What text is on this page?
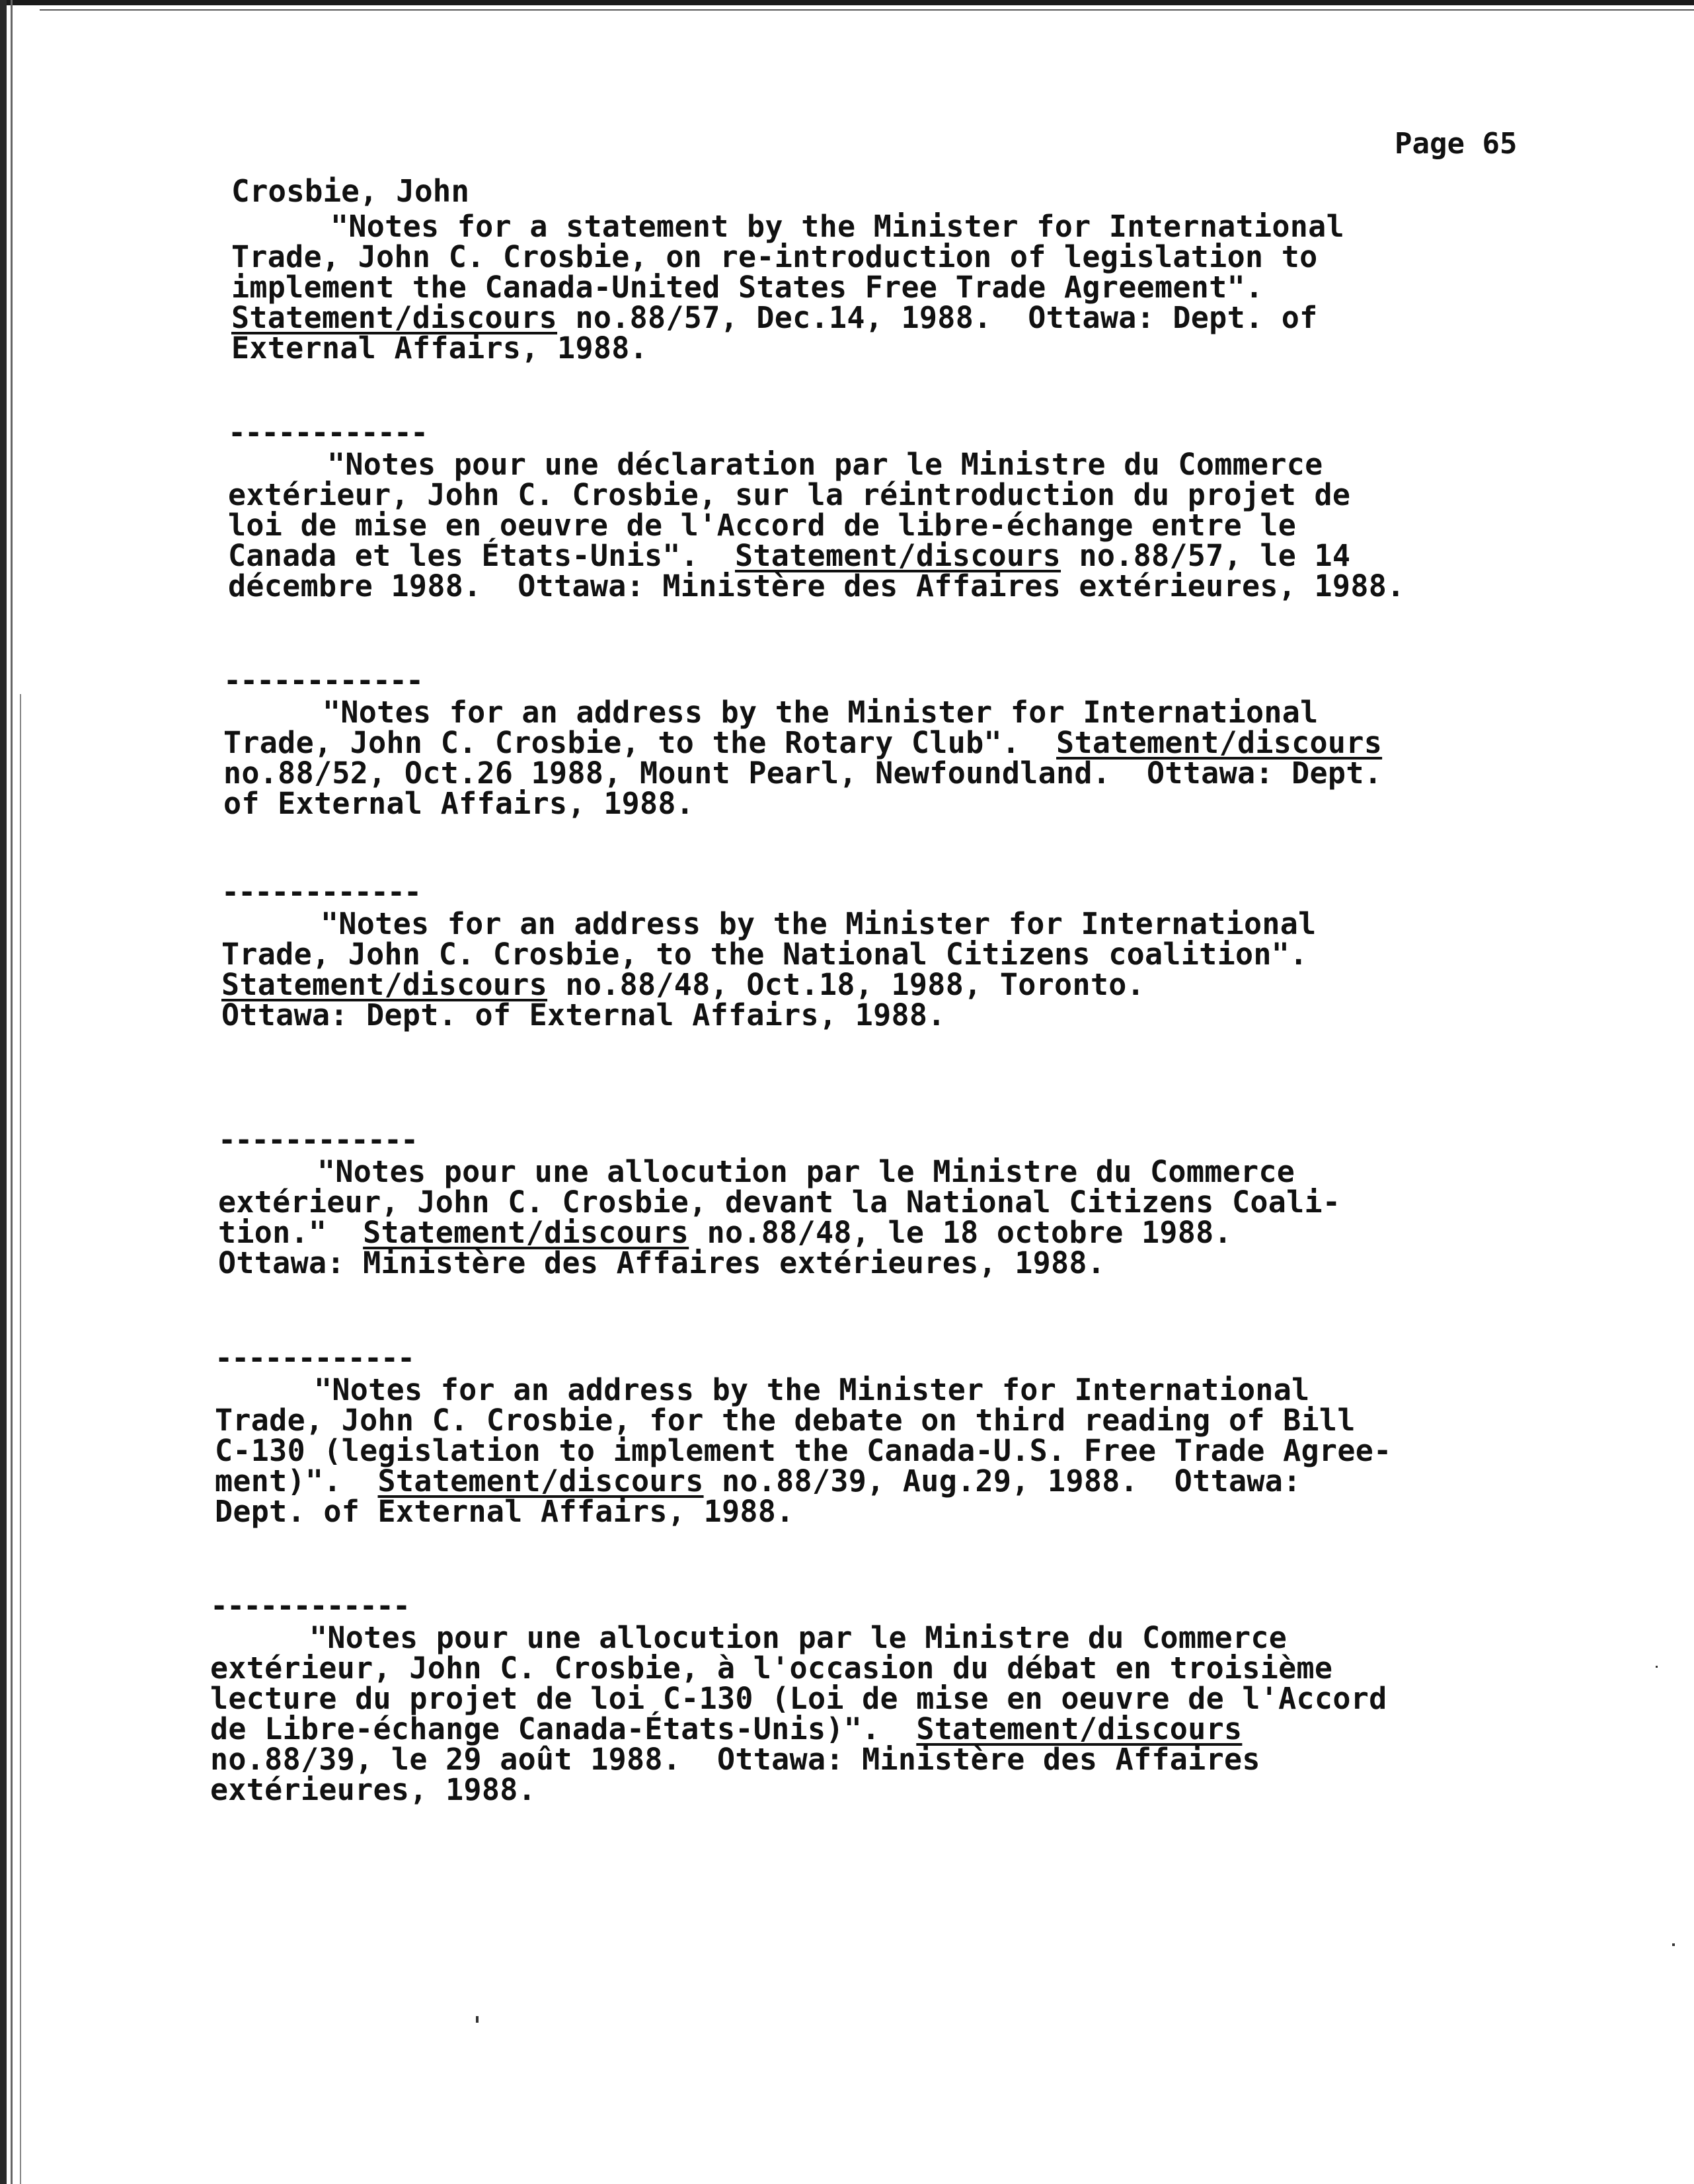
Page 65
Crosbie, John
"Notes for a statement by the Minister for International
Trade, John C. Crosbie, on re-introduction of legislation to
implement the Canada-United States Free Trade Agreement".
Statement/discours no.88/57, Dec.14, 1988.  Ottawa: Dept. of
External Affairs, 1988.
------------
"Notes pour une déclaration par le Ministre du Commerce
extérieur, John C. Crosbie, sur la réintroduction du projet de
loi de mise en oeuvre de l'Accord de libre-échange entre le
Canada et les États-Unis".  Statement/discours no.88/57, le 14
décembre 1988.  Ottawa: Ministère des Affaires extérieures, 1988.
------------
"Notes for an address by the Minister for International
Trade, John C. Crosbie, to the Rotary Club".  Statement/discours
no.88/52, Oct.26 1988, Mount Pearl, Newfoundland.  Ottawa: Dept.
of External Affairs, 1988.
------------
"Notes for an address by the Minister for International
Trade, John C. Crosbie, to the National Citizens coalition".
Statement/discours no.88/48, Oct.18, 1988, Toronto.
Ottawa: Dept. of External Affairs, 1988.
------------
"Notes pour une allocution par le Ministre du Commerce
extérieur, John C. Crosbie, devant la National Citizens Coali-
tion."  Statement/discours no.88/48, le 18 octobre 1988.
Ottawa: Ministère des Affaires extérieures, 1988.
------------
"Notes for an address by the Minister for International
Trade, John C. Crosbie, for the debate on third reading of Bill
C-130 (legislation to implement the Canada-U.S. Free Trade Agree-
ment)".  Statement/discours no.88/39, Aug.29, 1988.  Ottawa:
Dept. of External Affairs, 1988.
------------
"Notes pour une allocution par le Ministre du Commerce
extérieur, John C. Crosbie, à l'occasion du débat en troisième
lecture du projet de loi C-130 (Loi de mise en oeuvre de l'Accord
de Libre-échange Canada-États-Unis)".  Statement/discours
no.88/39, le 29 août 1988.  Ottawa: Ministère des Affaires
extérieures, 1988.
